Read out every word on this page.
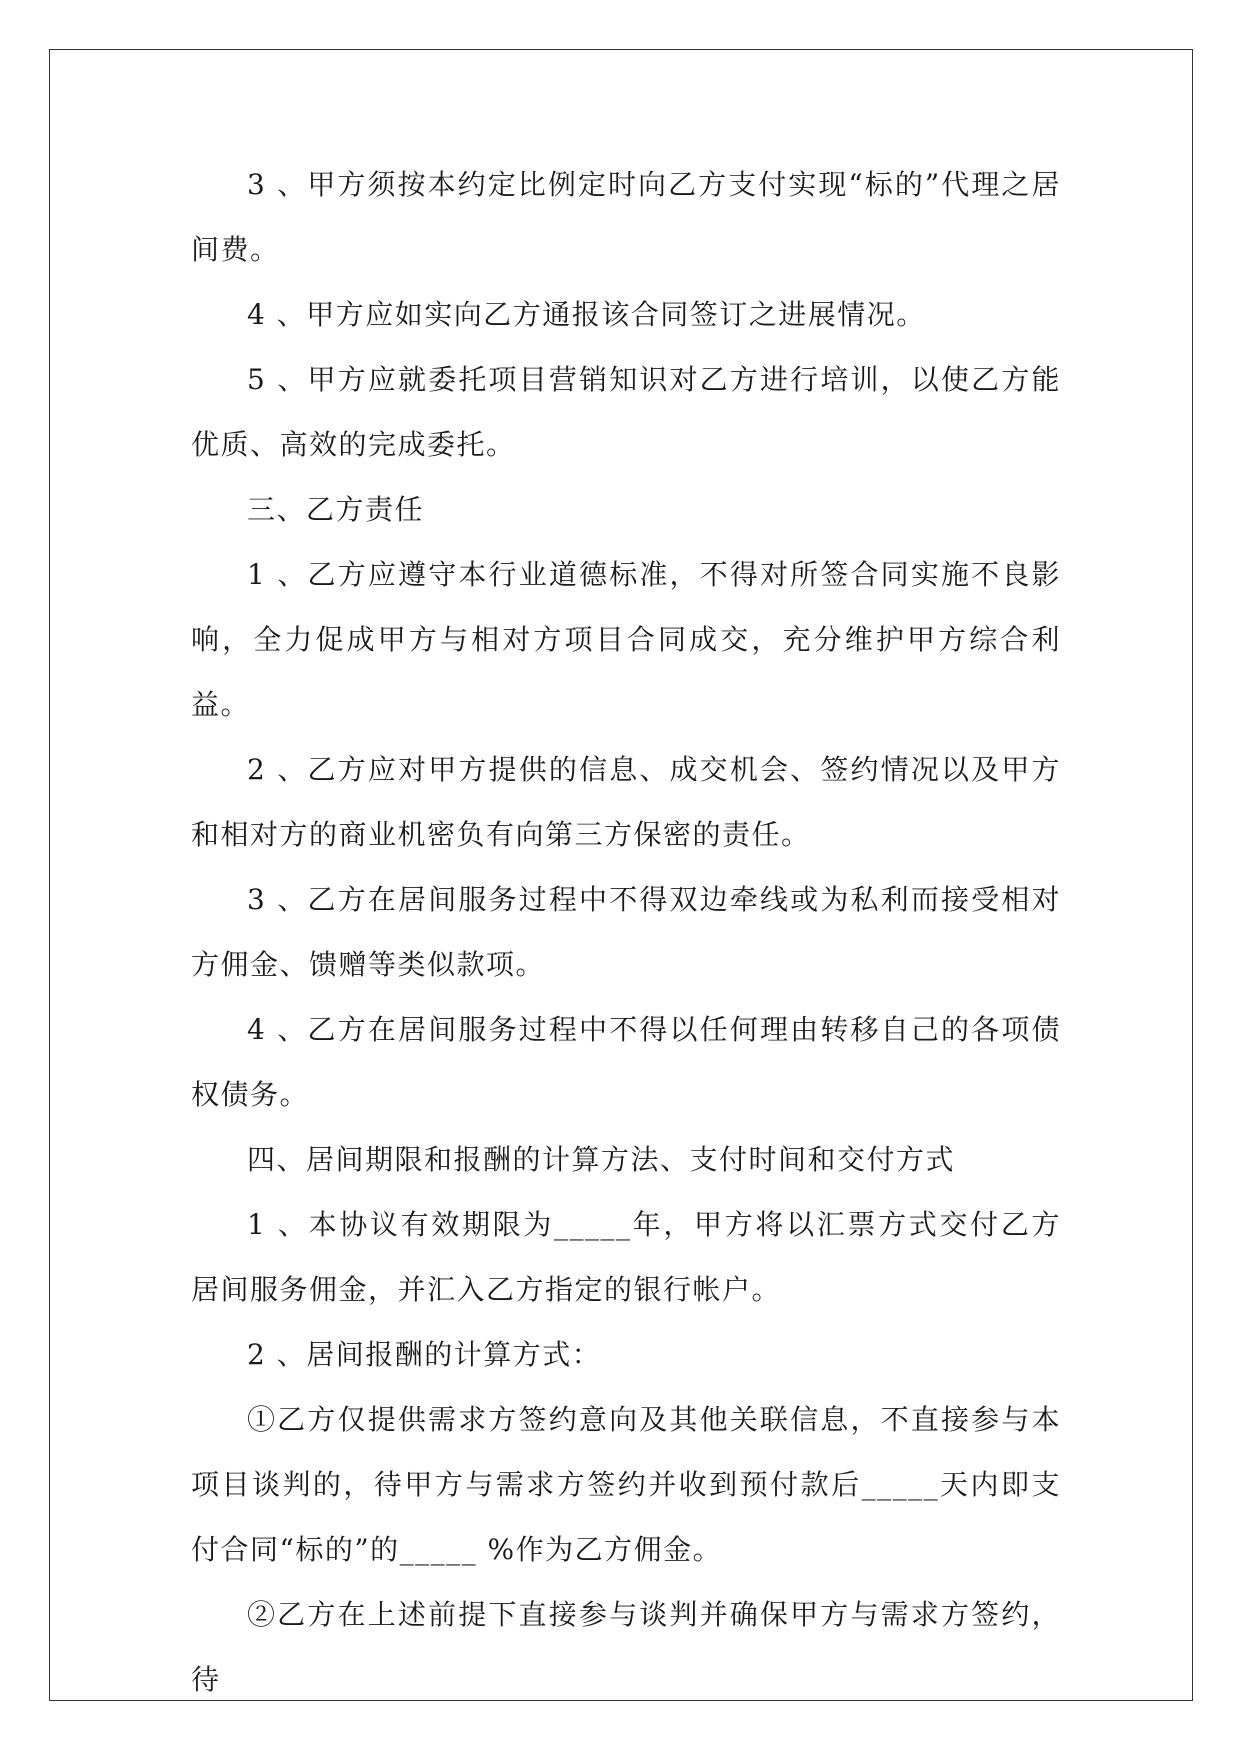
3 、甲方须按本约定比例定时向乙方支付实现“标的”代理之居间费。

4 、甲方应如实向乙方通报该合同签订之进展情况。

5 、甲方应就委托项目营销知识对乙方进行培训，以使乙方能优质、高效的完成委托。

三、乙方责任

1 、乙方应遵守本行业道德标准，不得对所签合同实施不良影响，全力促成甲方与相对方项目合同成交，充分维护甲方综合利益。

2 、乙方应对甲方提供的信息、成交机会、签约情况以及甲方和相对方的商业机密负有向第三方保密的责任。

3 、乙方在居间服务过程中不得双边牵线或为私利而接受相对方佣金、馈赠等类似款项。

4 、乙方在居间服务过程中不得以任何理由转移自己的各项债权债务。

四、居间期限和报酬的计算方法、支付时间和交付方式

1 、本协议有效期限为_____年，甲方将以汇票方式交付乙方居间服务佣金，并汇入乙方指定的银行帐户。

2 、居间报酬的计算方式：

①乙方仅提供需求方签约意向及其他关联信息，不直接参与本项目谈判的，待甲方与需求方签约并收到预付款后_____天内即支付合同“标的”的_____ %作为乙方佣金。

②乙方在上述前提下直接参与谈判并确保甲方与需求方签约，待
